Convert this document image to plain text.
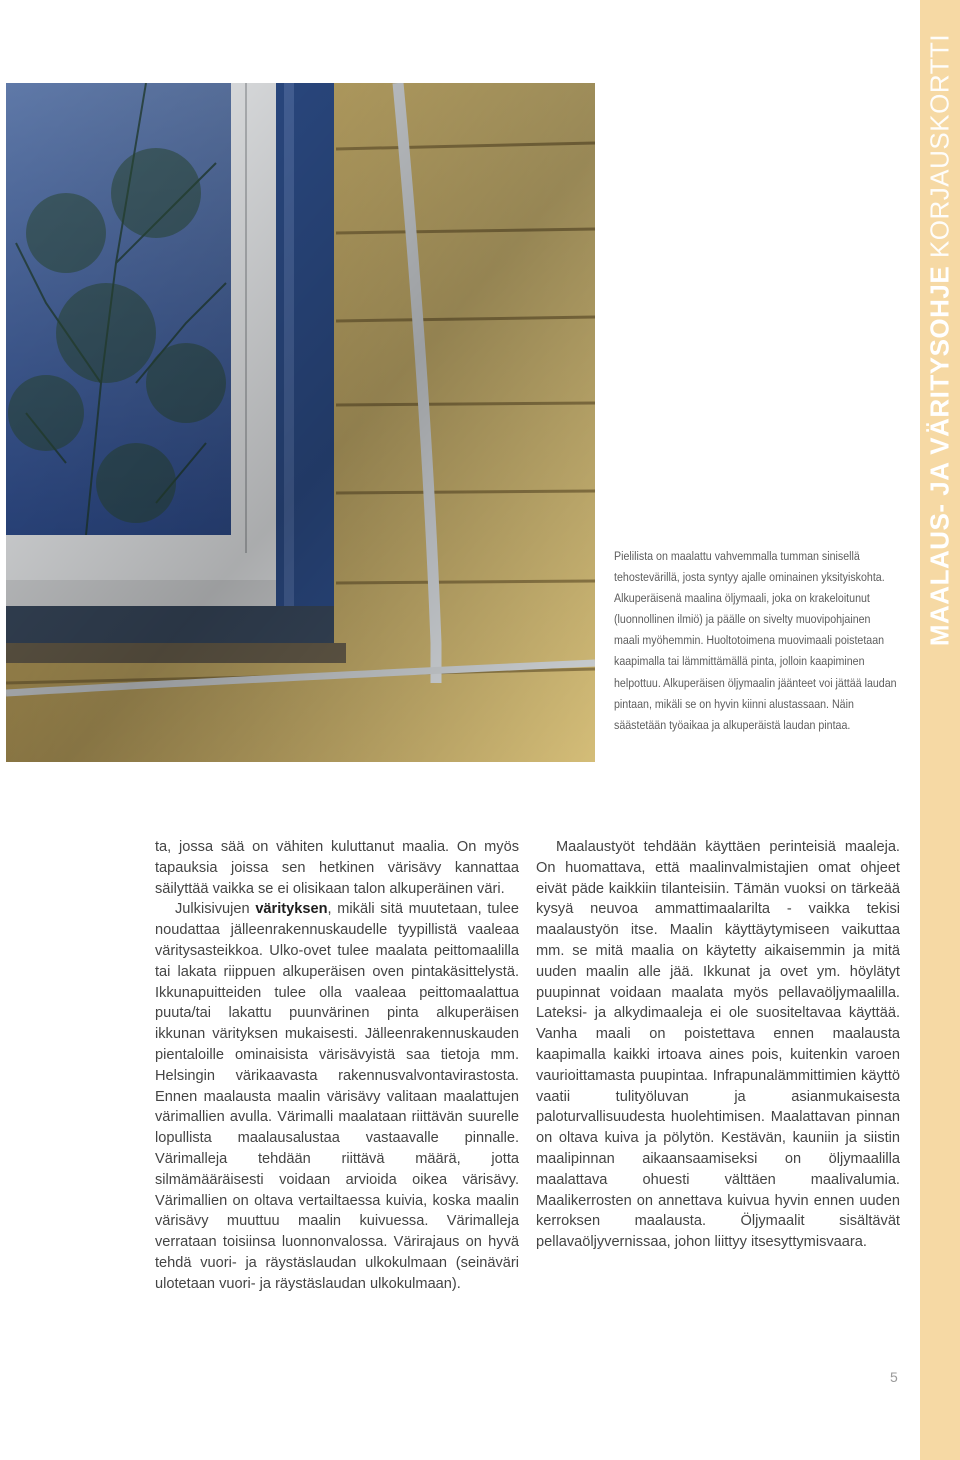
MAALAUS- JA VÄRITYSOHJE KORJAUSKORTTI

Pielilista on maalattu vahvemmalla tumman sinisellä tehostevärillä, josta syntyy ajalle ominainen yksityiskohta. Alkuperäisenä maalina öljymaali, joka on krakeloitunut (luonnollinen ilmiö) ja päälle on sivelty muovipohjainen maali myöhemmin. Huoltotoimena muovimaali poistetaan kaapimalla tai lämmittämällä pinta, jolloin kaapiminen helpottuu. Alkuperäisen öljymaalin jäänteet voi jättää laudan pintaan, mikäli se on hyvin kiinni alustassaan. Näin säästetään työaikaa ja alkuperäistä laudan pintaa.

ta, jossa sää on vähiten kuluttanut maalia. On myös tapauksia joissa sen hetkinen värisävy kannattaa säilyttää vaikka se ei olisikaan talon alkuperäinen väri.

Julkisivujen värityksen, mikäli sitä muutetaan, tulee noudattaa jälleenrakennuskaudelle tyypillistä vaaleaa väritysasteikkoa. Ulko-ovet tulee maalata peittomaalilla tai lakata riippuen alkuperäisen oven pintakäsittelystä. Ikkunapuitteiden tulee olla vaaleaa peittomaalattua puuta/tai lakattu puunvärinen pinta alkuperäisen ikkunan värityksen mukaisesti. Jälleenrakennuskauden pientaloille ominaisista värisävyistä saa tietoja mm. Helsingin värikaavasta rakennusvalvontavirastosta. Ennen maalausta maalin värisävy valitaan maalattujen värimallien avulla. Värimalli maalataan riittävän suurelle lopullista maalausalustaa vastaavalle pinnalle. Värimalleja tehdään riittävä määrä, jotta silmämääräisesti voidaan arvioida oikea värisävy. Värimallien on oltava vertailtaessa kuivia, koska maalin värisävy muuttuu maalin kuivuessa. Värimalleja verrataan toisiinsa luonnonvalossa. Värirajaus on hyvä tehdä vuori- ja räystäslaudan ulkokulmaan (seinäväri ulotetaan vuori- ja räystäslaudan ulkokulmaan).

Maalaustyöt tehdään käyttäen perinteisiä maaleja. On huomattava, että maalinvalmistajien omat ohjeet eivät päde kaikkiin tilanteisiin. Tämän vuoksi on tärkeää kysyä neuvoa ammattimaalarilta - vaikka tekisi maalaustyön itse. Maalin käyttäytymiseen vaikuttaa mm. se mitä maalia on käytetty aikaisemmin ja mitä uuden maalin alle jää. Ikkunat ja ovet ym. höylätyt puupinnat voidaan maalata myös pellavaöljymaalilla. Lateksi- ja alkydimaaleja ei ole suositeltavaa käyttää. Vanha maali on poistettava ennen maalausta kaapimalla kaikki irtoava aines pois, kuitenkin varoen vaurioittamasta puupintaa. Infrapunalämmittimien käyttö vaatii tulityöluvan ja asianmukaisesta paloturvallisuudesta huolehtimisen. Maalattavan pinnan on oltava kuiva ja pölytön. Kestävän, kauniin ja siistin maalipinnan aikaansaamiseksi on öljymaalilla maalattava ohuesti välttäen maalivalumia. Maalikerrosten on annettava kuivua hyvin ennen uuden kerroksen maalausta. Öljymaalit sisältävät pellavaöljyvernissaa, johon liittyy itsesyttymisvaara.

5
